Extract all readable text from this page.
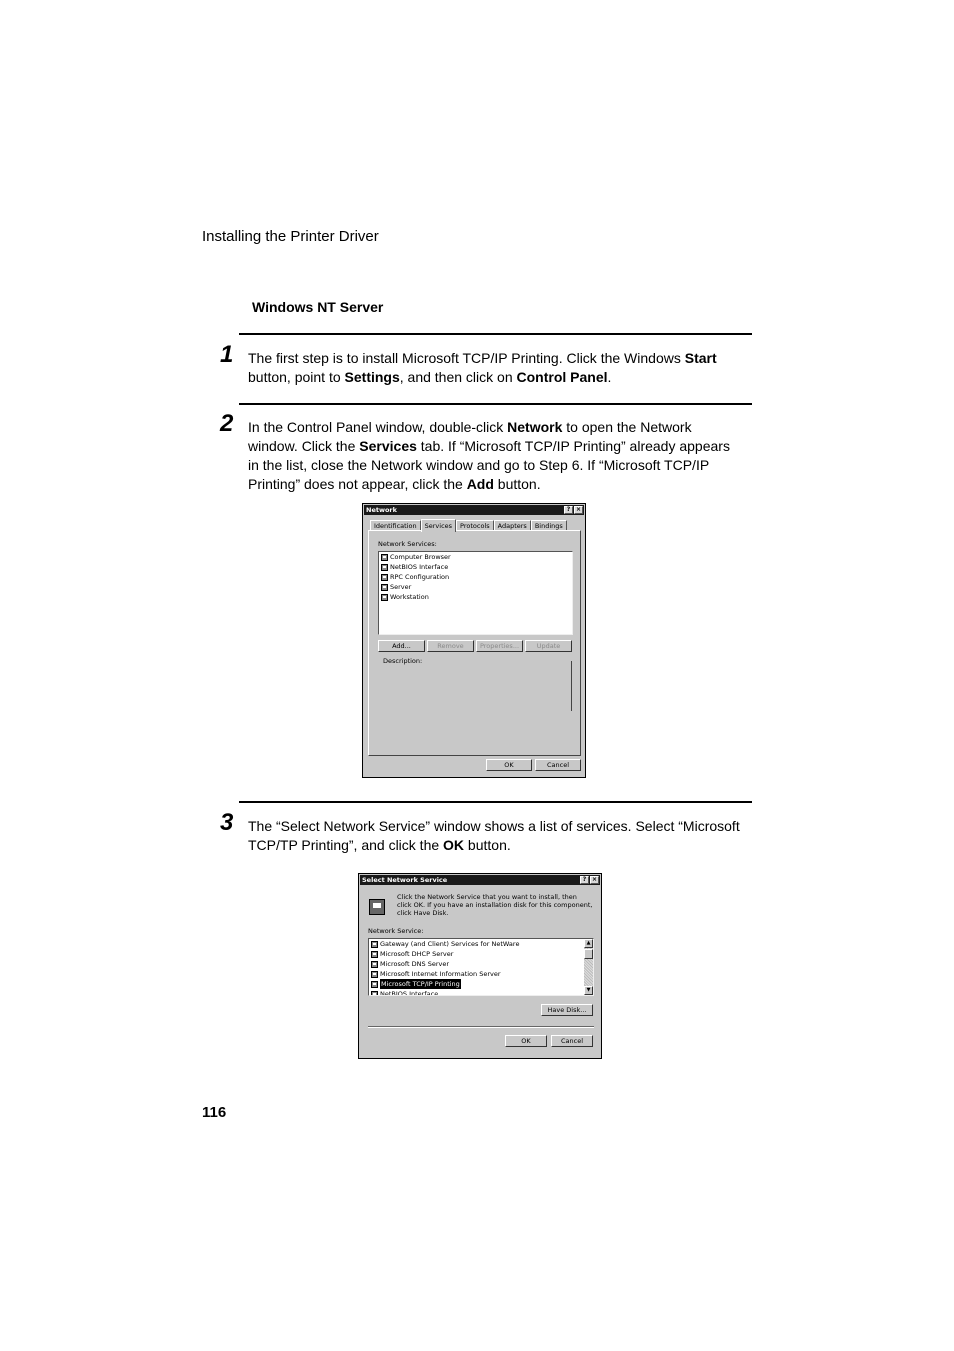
Installing the Printer Driver
Windows NT Server
1 The first step is to install Microsoft TCP/IP Printing. Click the Windows Start button, point to Settings, and then click on Control Panel.
2 In the Control Panel window, double-click Network to open the Network window. Click the Services tab. If “Microsoft TCP/IP Printing” already appears in the list, close the Network window and go to Step 6. If “Microsoft TCP/IP Printing” does not appear, click the Add button.
Network	? ×
Identification	Services	Protocols	Adapters	Bindings
Network Services:
Computer Browser
NetBIOS Interface
RPC Configuration
Server
Workstation
Add...	Remove	Properties...	Update
Description:
OK	Cancel
3 The “Select Network Service” window shows a list of services. Select “Microsoft TCP/TP Printing”, and click the OK button.
Select Network Service	? ×
Click the Network Service that you want to install, then click OK. If you have an installation disk for this component, click Have Disk.
Network Service:
Gateway (and Client) Services for NetWare
Microsoft DHCP Server
Microsoft DNS Server
Microsoft Internet Information Server
Microsoft TCP/IP Printing
NetBIOS Interface
▲
▼
Have Disk...
OK	Cancel
116
